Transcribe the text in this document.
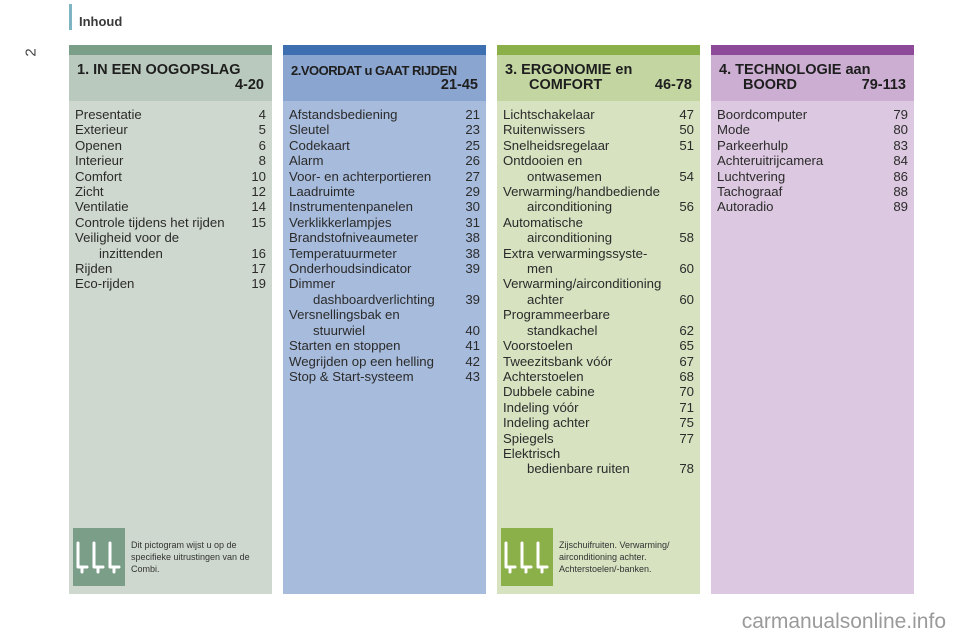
Inhoud
2
1. IN EEN OOGOPSLAG
4-20
Presentatie	4
Exterieur	5
Openen	6
Interieur	8
Comfort	10
Zicht	12
Ventilatie	14
Controle tijdens het rijden	15
Veiligheid voor de
inzittenden	16
Rijden	17
Eco-rijden	19
Dit pictogram wijst u op de specifieke uitrustingen van de Combi.
2.VOORDAT u GAAT RIJDEN
21-45
Afstandsbediening	21
Sleutel	23
Codekaart	25
Alarm	26
Voor- en achterportieren	27
Laadruimte	29
Instrumentenpanelen	30
Verklikkerlampjes	31
Brandstofniveaumeter	38
Temperatuurmeter	38
Onderhoudsindicator	39
Dimmer
dashboardverlichting	39
Versnellingsbak en
stuurwiel	40
Starten en stoppen	41
Wegrijden op een helling	42
Stop & Start-systeem	43
3. ERGONOMIE en
COMFORT	46-78
Lichtschakelaar	47
Ruitenwissers	50
Snelheidsregelaar	51
Ontdooien en
ontwasemen	54
Verwarming/handbediende
airconditioning	56
Automatische
airconditioning	58
Extra verwarmingssyste-
men	60
Verwarming/airconditioning
achter	60
Programmeerbare
standkachel	62
Voorstoelen	65
Tweezitsbank vóór	67
Achterstoelen	68
Dubbele cabine	70
Indeling vóór	71
Indeling achter	75
Spiegels	77
Elektrisch
bedienbare ruiten	78
Zijschuifruiten. Verwarming/ airconditioning achter. Achterstoelen/-banken.
4. TECHNOLOGIE aan
BOORD	79-113
Boordcomputer	79
Mode	80
Parkeerhulp	83
Achteruitrijcamera	84
Luchtvering	86
Tachograaf	88
Autoradio	89
carmanualsonline.info
